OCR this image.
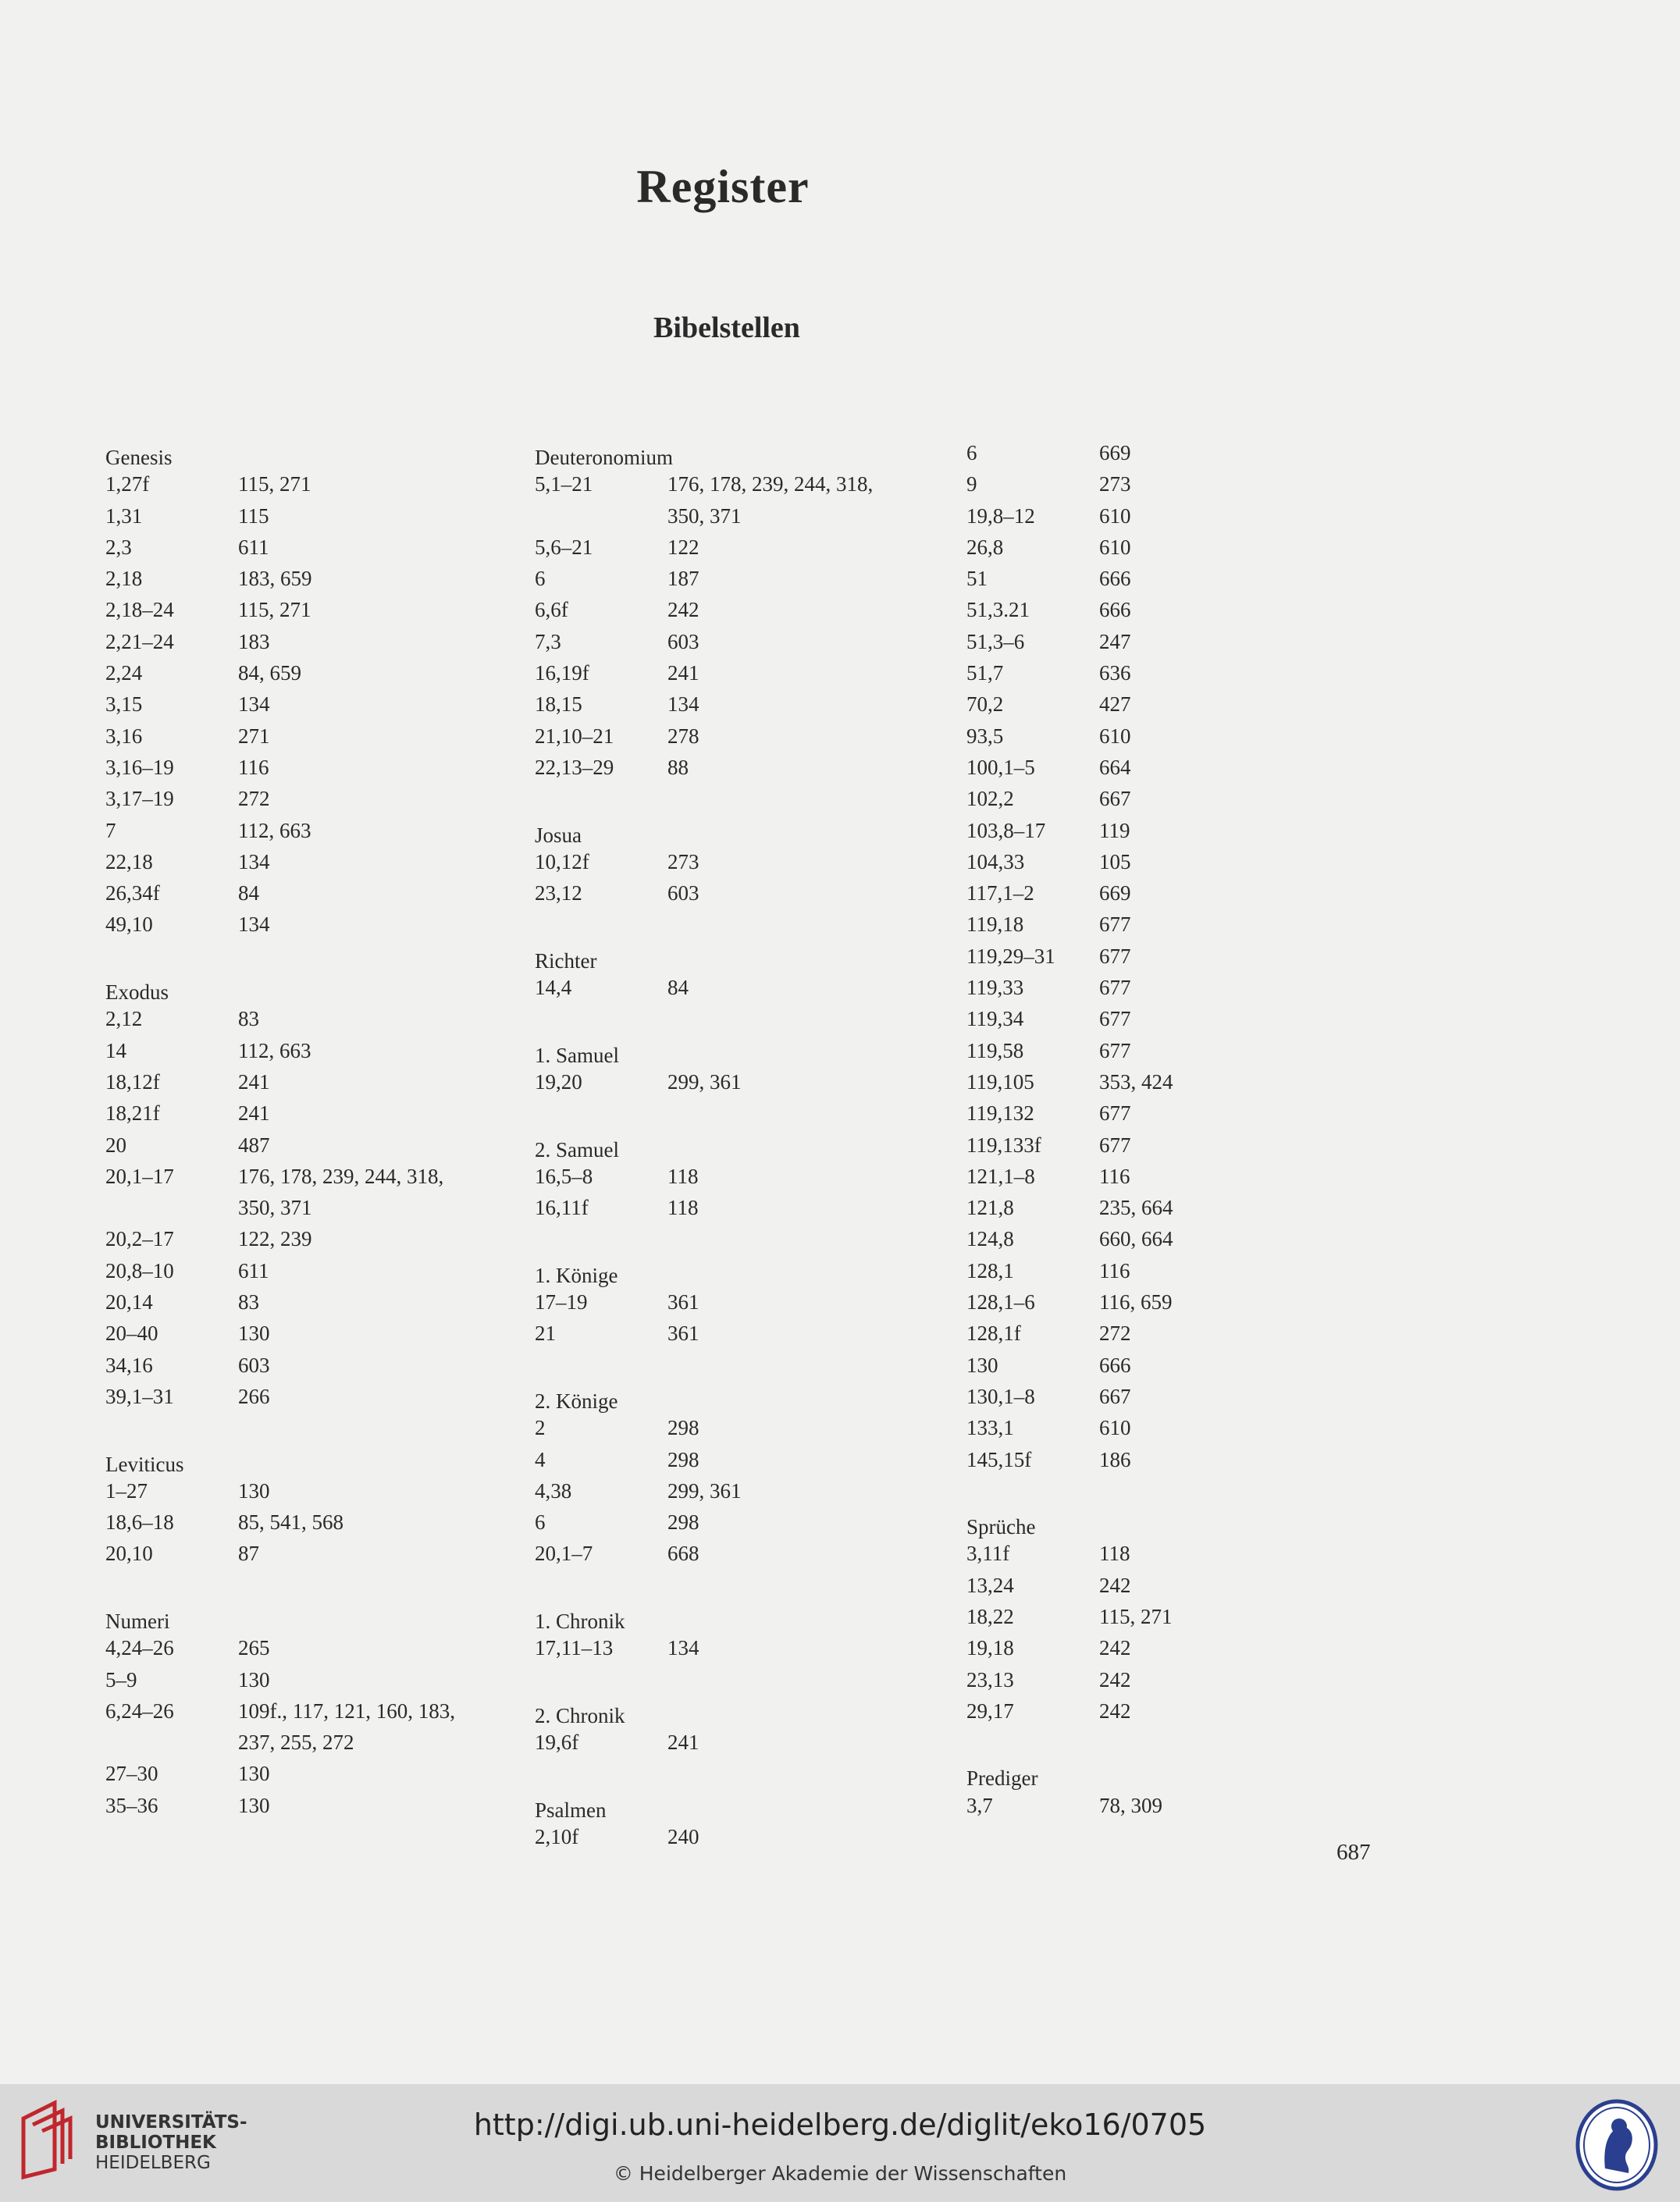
Register
Bibelstellen
Genesis
1,27f	115, 271
1,31	115
2,3	611
2,18	183, 659
2,18–24	115, 271
2,21–24	183
2,24	84, 659
3,15	134
3,16	271
3,16–19	116
3,17–19	272
7	112, 663
22,18	134
26,34f	84
49,10	134
Exodus
2,12	83
14	112, 663
18,12f	241
18,21f	241
20	487
20,1–17	176, 178, 239, 244, 318,
350, 371
20,2–17	122, 239
20,8–10	611
20,14	83
20–40	130
34,16	603
39,1–31	266
Leviticus
1–27	130
18,6–18	85, 541, 568
20,10	87
Numeri
4,24–26	265
5–9	130
6,24–26	109f., 117, 121, 160, 183,
237, 255, 272
27–30	130
35–36	130
Deuteronomium
5,1–21	176, 178, 239, 244, 318,
350, 371
5,6–21	122
6	187
6,6f	242
7,3	603
16,19f	241
18,15	134
21,10–21	278
22,13–29	88
Josua
10,12f	273
23,12	603
Richter
14,4	84
1. Samuel
19,20	299, 361
2. Samuel
16,5–8	118
16,11f	118
1. Könige
17–19	361
21	361
2. Könige
2	298
4	298
4,38	299, 361
6	298
20,1–7	668
1. Chronik
17,11–13	134
2. Chronik
19,6f	241
Psalmen
2,10f	240
6	669
9	273
19,8–12	610
26,8	610
51	666
51,3.21	666
51,3–6	247
51,7	636
70,2	427
93,5	610
100,1–5	664
102,2	667
103,8–17	119
104,33	105
117,1–2	669
119,18	677
119,29–31	677
119,33	677
119,34	677
119,58	677
119,105	353, 424
119,132	677
119,133f	677
121,1–8	116
121,8	235, 664
124,8	660, 664
128,1	116
128,1–6	116, 659
128,1f	272
130	666
130,1–8	667
133,1	610
145,15f	186
Sprüche
3,11f	118
13,24	242
18,22	115, 271
19,18	242
23,13	242
29,17	242
Prediger
3,7	78, 309
687
UNIVERSITÄTS-
BIBLIOTHEK
HEIDELBERG
http://digi.ub.uni-heidelberg.de/diglit/eko16/0705
© Heidelberger Akademie der Wissenschaften
